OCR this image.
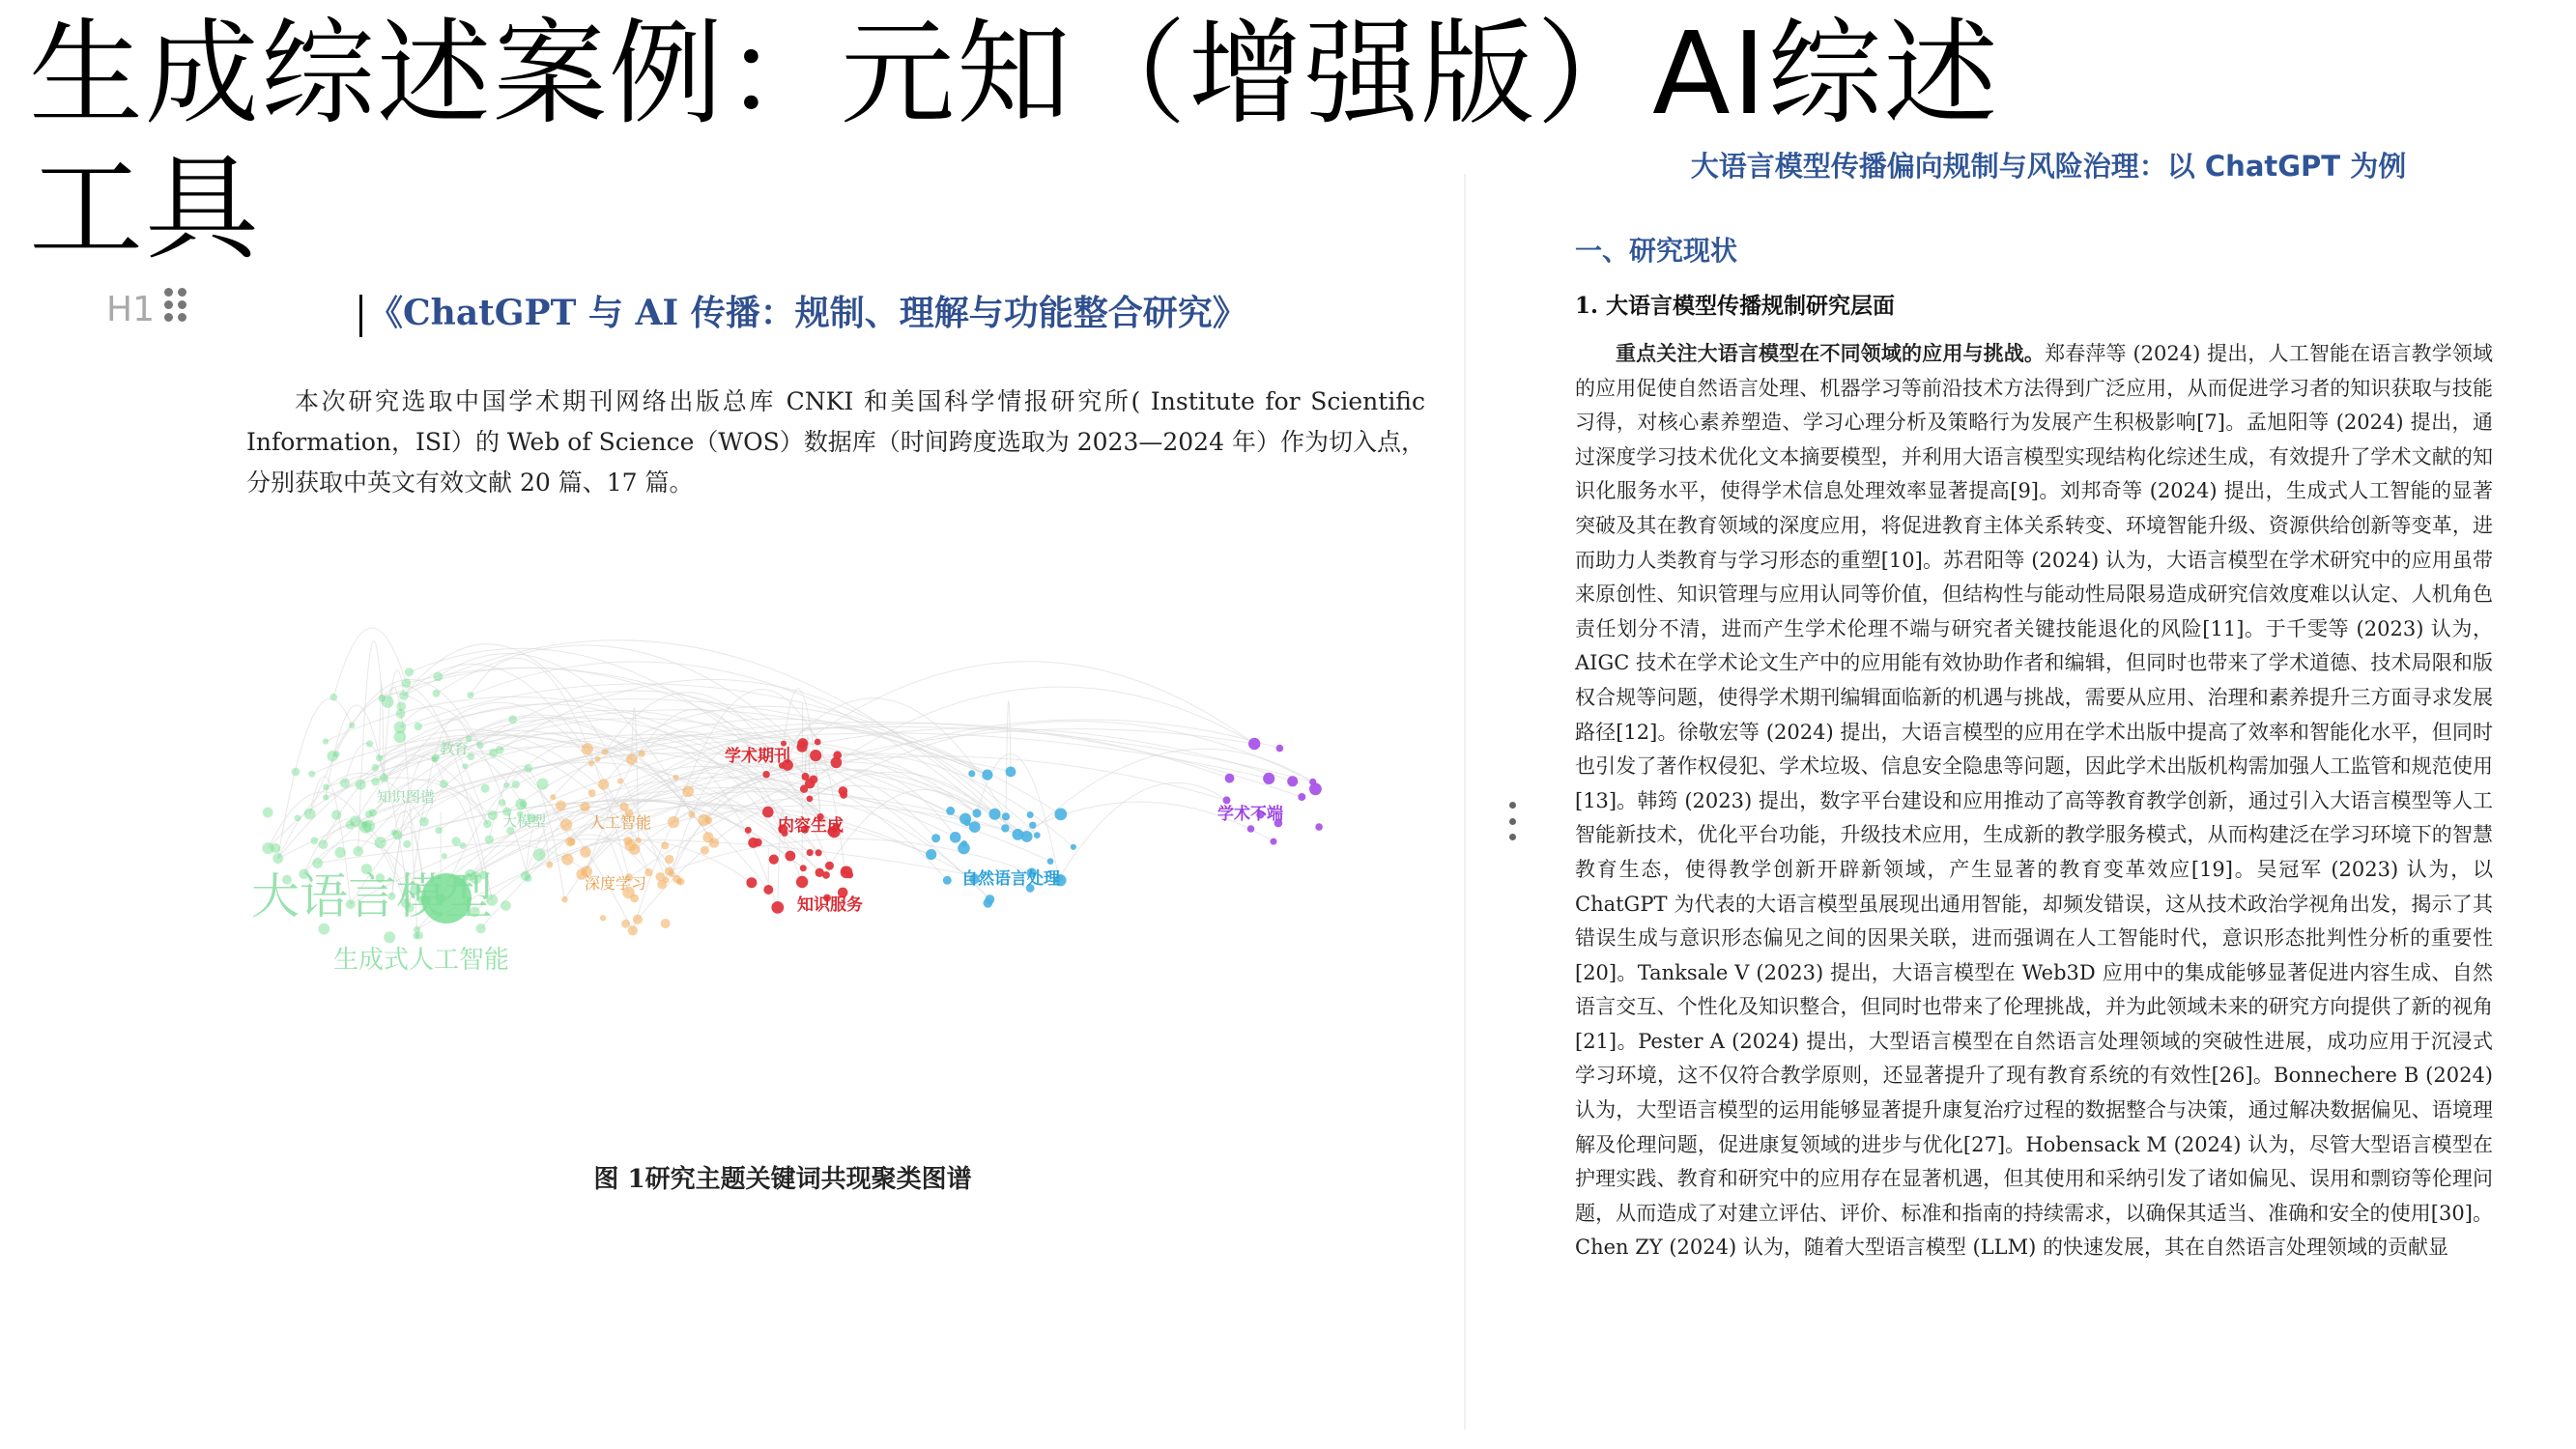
生成综述案例：元知（增强版）AI综述工具
H1	《ChatGPT 与 AI 传播：规制、理解与功能整合研究》

本次研究选取中国学术期刊网络出版总库 CNKI 和美国科学情报研究所( Institute for Scientific Information，ISI）的 Web of Science（WOS）数据库（时间跨度选取为 2023—2024 年）作为切入点，分别获取中英文有效文献 20 篇、17 篇。

大语言模型
生成式人工智能
知识图谱
教育
大模型	人工智能
深度学习
学术期刊
内容生成
知识服务
自然语言处理
学术不端
图 1研究主题关键词共现聚类图谱
大语言模型传播偏向规制与风险治理：以 ChatGPT 为例
一、研究现状
1. 大语言模型传播规制研究层面

重点关注大语言模型在不同领域的应用与挑战。郑春萍等 (2024) 提出，人工智能在语言教学领域的应用促使自然语言处理、机器学习等前沿技术方法得到广泛应用，从而促进学习者的知识获取与技能习得，对核心素养塑造、学习心理分析及策略行为发展产生积极影响[7]。孟旭阳等 (2024) 提出，通过深度学习技术优化文本摘要模型，并利用大语言模型实现结构化综述生成，有效提升了学术文献的知识化服务水平，使得学术信息处理效率显著提高[9]。刘邦奇等 (2024) 提出，生成式人工智能的显著突破及其在教育领域的深度应用，将促进教育主体关系转变、环境智能升级、资源供给创新等变革，进而助力人类教育与学习形态的重塑[10]。苏君阳等 (2024) 认为，大语言模型在学术研究中的应用虽带来原创性、知识管理与应用认同等价值，但结构性与能动性局限易造成研究信效度难以认定、人机角色责任划分不清，进而产生学术伦理不端与研究者关键技能退化的风险[11]。于千雯等 (2023) 认为，AIGC 技术在学术论文生产中的应用能有效协助作者和编辑，但同时也带来了学术道德、技术局限和版权合规等问题，使得学术期刊编辑面临新的机遇与挑战，需要从应用、治理和素养提升三方面寻求发展路径[12]。徐敬宏等 (2024) 提出，大语言模型的应用在学术出版中提高了效率和智能化水平，但同时也引发了著作权侵犯、学术垃圾、信息安全隐患等问题，因此学术出版机构需加强人工监管和规范使用[13]。韩筠 (2023) 提出，数字平台建设和应用推动了高等教育教学创新，通过引入大语言模型等人工智能新技术，优化平台功能，升级技术应用，生成新的教学服务模式，从而构建泛在学习环境下的智慧教育生态，使得教学创新开辟新领域，产生显著的教育变革效应[19]。吴冠军 (2023) 认为，以 ChatGPT 为代表的大语言模型虽展现出通用智能，却频发错误，这从技术政治学视角出发，揭示了其错误生成与意识形态偏见之间的因果关联，进而强调在人工智能时代，意识形态批判性分析的重要性[20]。Tanksale V (2023) 提出，大语言模型在 Web3D 应用中的集成能够显著促进内容生成、自然语言交互、个性化及知识整合，但同时也带来了伦理挑战，并为此领域未来的研究方向提供了新的视角[21]。Pester A (2024) 提出，大型语言模型在自然语言处理领域的突破性进展，成功应用于沉浸式学习环境，这不仅符合教学原则，还显著提升了现有教育系统的有效性[26]。Bonnechere B (2024) 认为，大型语言模型的运用能够显著提升康复治疗过程的数据整合与决策，通过解决数据偏见、语境理解及伦理问题，促进康复领域的进步与优化[27]。Hobensack M (2024) 认为，尽管大型语言模型在护理实践、教育和研究中的应用存在显著机遇，但其使用和采纳引发了诸如偏见、误用和剽窃等伦理问题，从而造成了对建立评估、评价、标准和指南的持续需求，以确保其适当、准确和安全的使用[30]。Chen ZY (2024) 认为，随着大型语言模型 (LLM) 的快速发展，其在自然语言处理领域的贡献显
